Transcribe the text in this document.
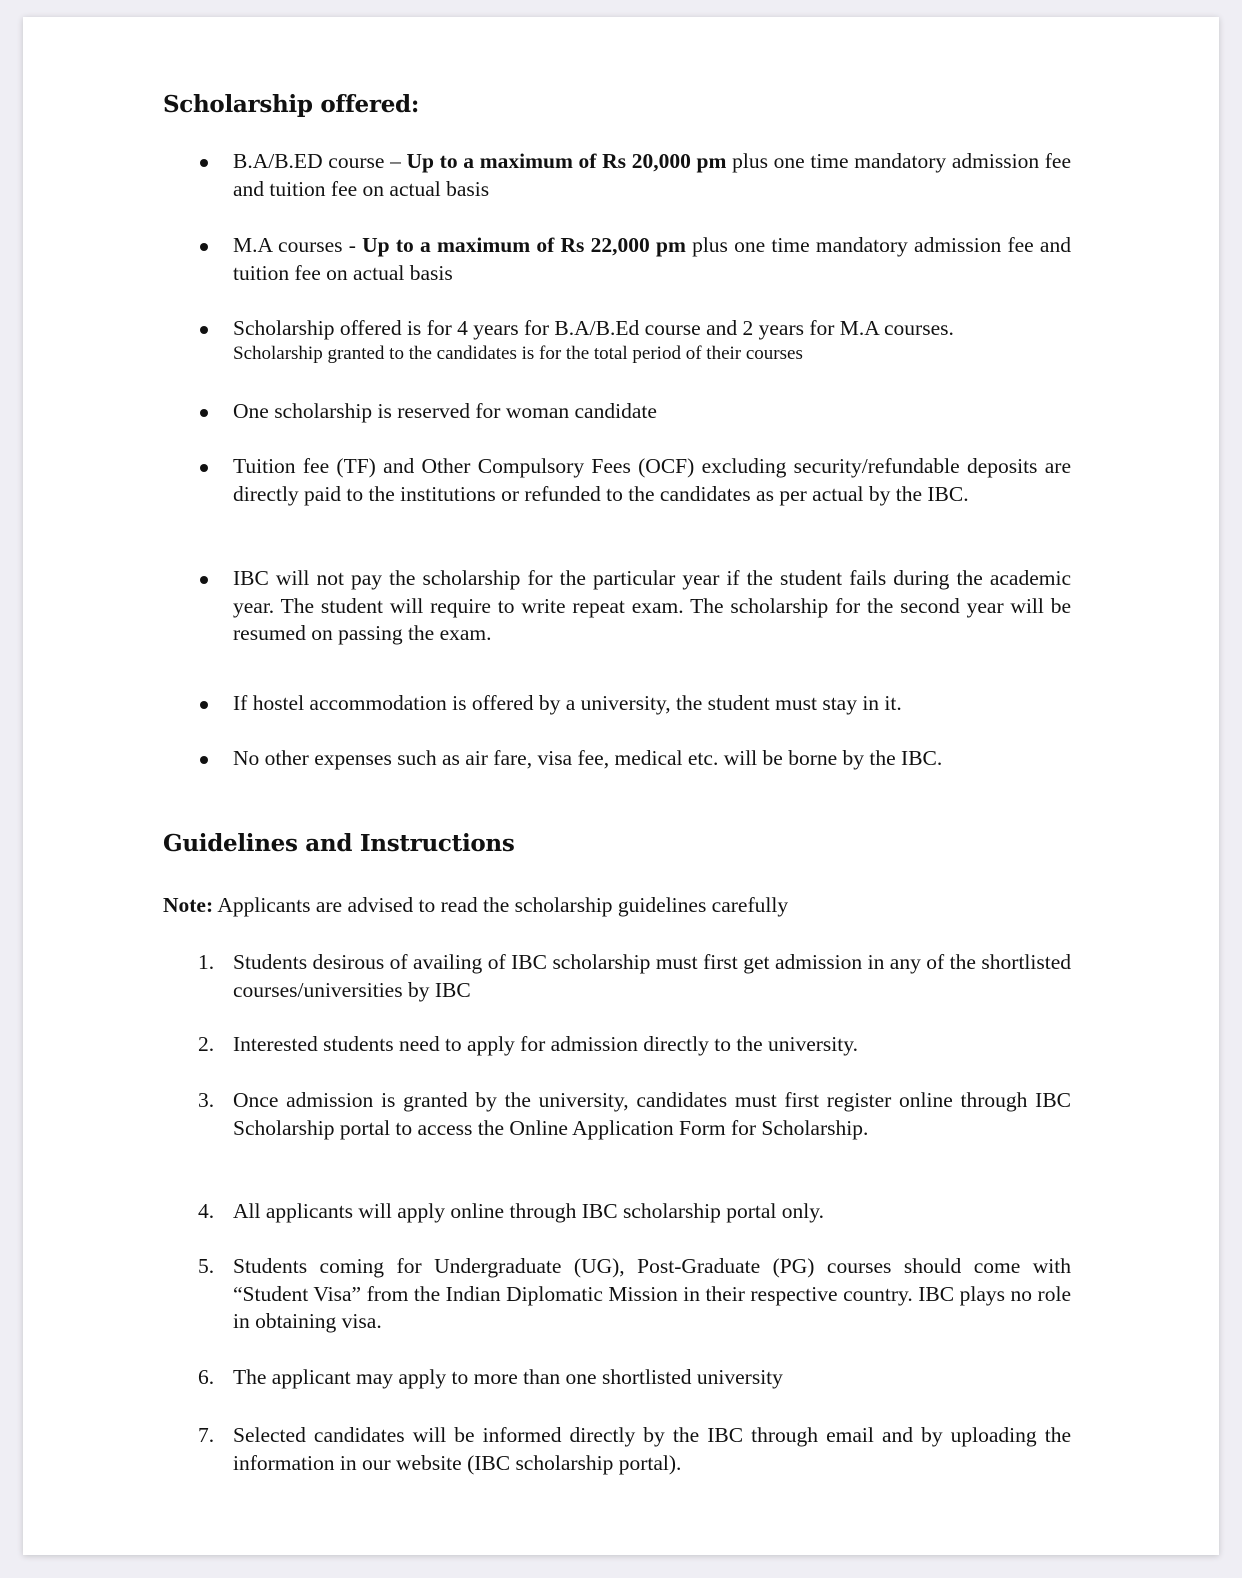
Scholarship offered:
B.A/B.ED course – Up to a maximum of Rs 20,000 pm plus one time mandatory admission fee and tuition fee on actual basis
M.A courses - Up to a maximum of Rs 22,000 pm plus one time mandatory admission fee and tuition fee on actual basis
Scholarship offered is for 4 years for B.A/B.Ed course and 2 years for M.A courses.
Scholarship granted to the candidates is for the total period of their courses
One scholarship is reserved for woman candidate
Tuition fee (TF) and Other Compulsory Fees (OCF) excluding security/refundable deposits are directly paid to the institutions or refunded to the candidates as per actual by the IBC.
IBC will not pay the scholarship for the particular year if the student fails during the academic year. The student will require to write repeat exam. The scholarship for the second year will be resumed on passing the exam.
If hostel accommodation is offered by a university, the student must stay in it.
No other expenses such as air fare, visa fee, medical etc. will be borne by the IBC.
Guidelines and Instructions
Note: Applicants are advised to read the scholarship guidelines carefully
1. Students desirous of availing of IBC scholarship must first get admission in any of the shortlisted courses/universities by IBC
2. Interested students need to apply for admission directly to the university.
3. Once admission is granted by the university, candidates must first register online through IBC Scholarship portal to access the Online Application Form for Scholarship.
4. All applicants will apply online through IBC scholarship portal only.
5. Students coming for Undergraduate (UG), Post-Graduate (PG) courses should come with “Student Visa” from the Indian Diplomatic Mission in their respective country. IBC plays no role in obtaining visa.
6. The applicant may apply to more than one shortlisted university
7. Selected candidates will be informed directly by the IBC through email and by uploading the information in our website (IBC scholarship portal).
